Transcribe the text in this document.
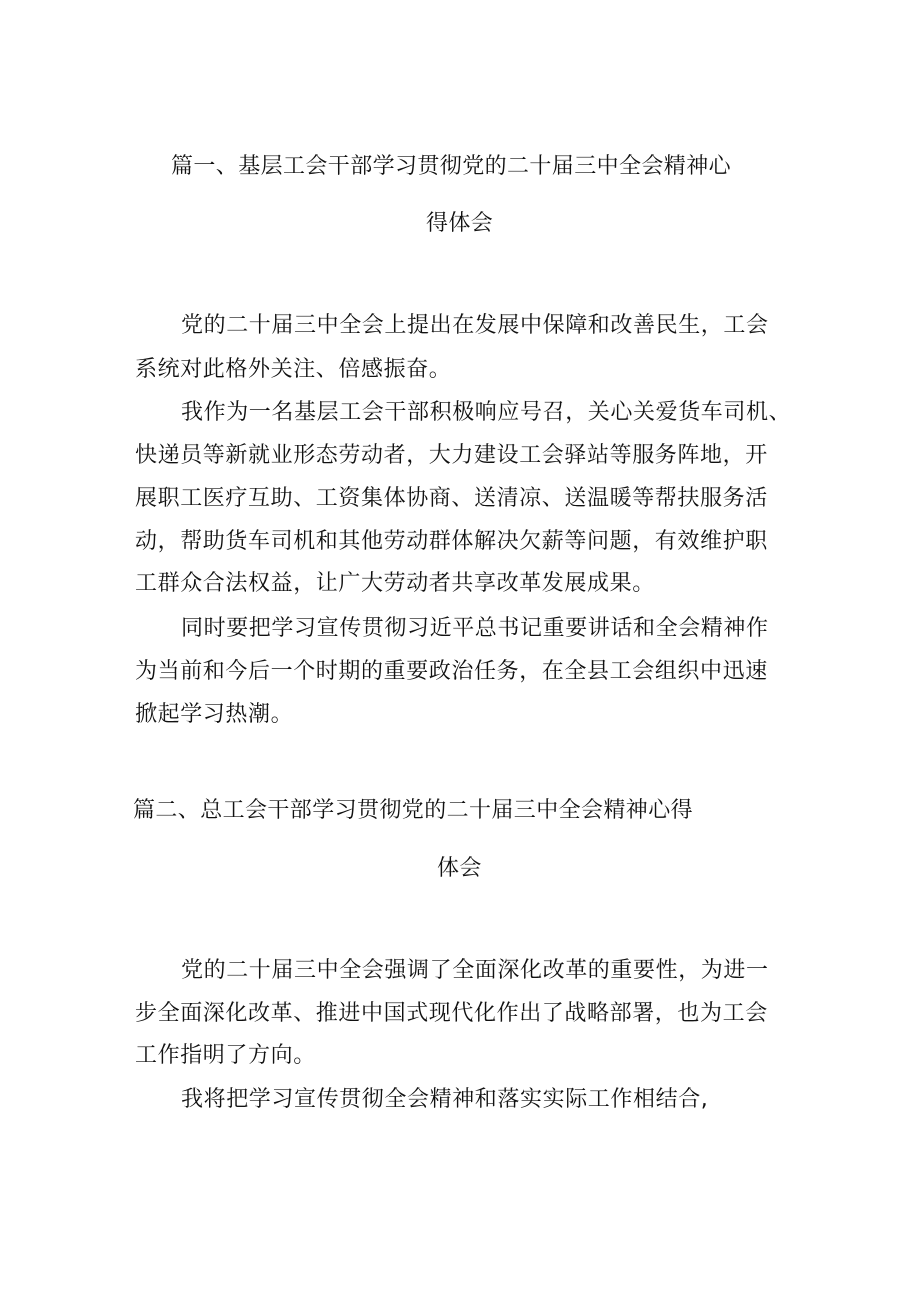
篇一、基层工会干部学习贯彻党的二十届三中全会精神心
得体会
党的二十届三中全会上提出在发展中保障和改善民生，工会
系统对此格外关注、倍感振奋。
我作为一名基层工会干部积极响应号召，关心关爱货车司机、
快递员等新就业形态劳动者，大力建设工会驿站等服务阵地，开
展职工医疗互助、工资集体协商、送清凉、送温暖等帮扶服务活
动，帮助货车司机和其他劳动群体解决欠薪等问题，有效维护职
工群众合法权益，让广大劳动者共享改革发展成果。
同时要把学习宣传贯彻习近平总书记重要讲话和全会精神作
为当前和今后一个时期的重要政治任务，在全县工会组织中迅速
掀起学习热潮。
篇二、总工会干部学习贯彻党的二十届三中全会精神心得
体会
党的二十届三中全会强调了全面深化改革的重要性，为进一
步全面深化改革、推进中国式现代化作出了战略部署，也为工会
工作指明了方向。
我将把学习宣传贯彻全会精神和落实实际工作相结合,
